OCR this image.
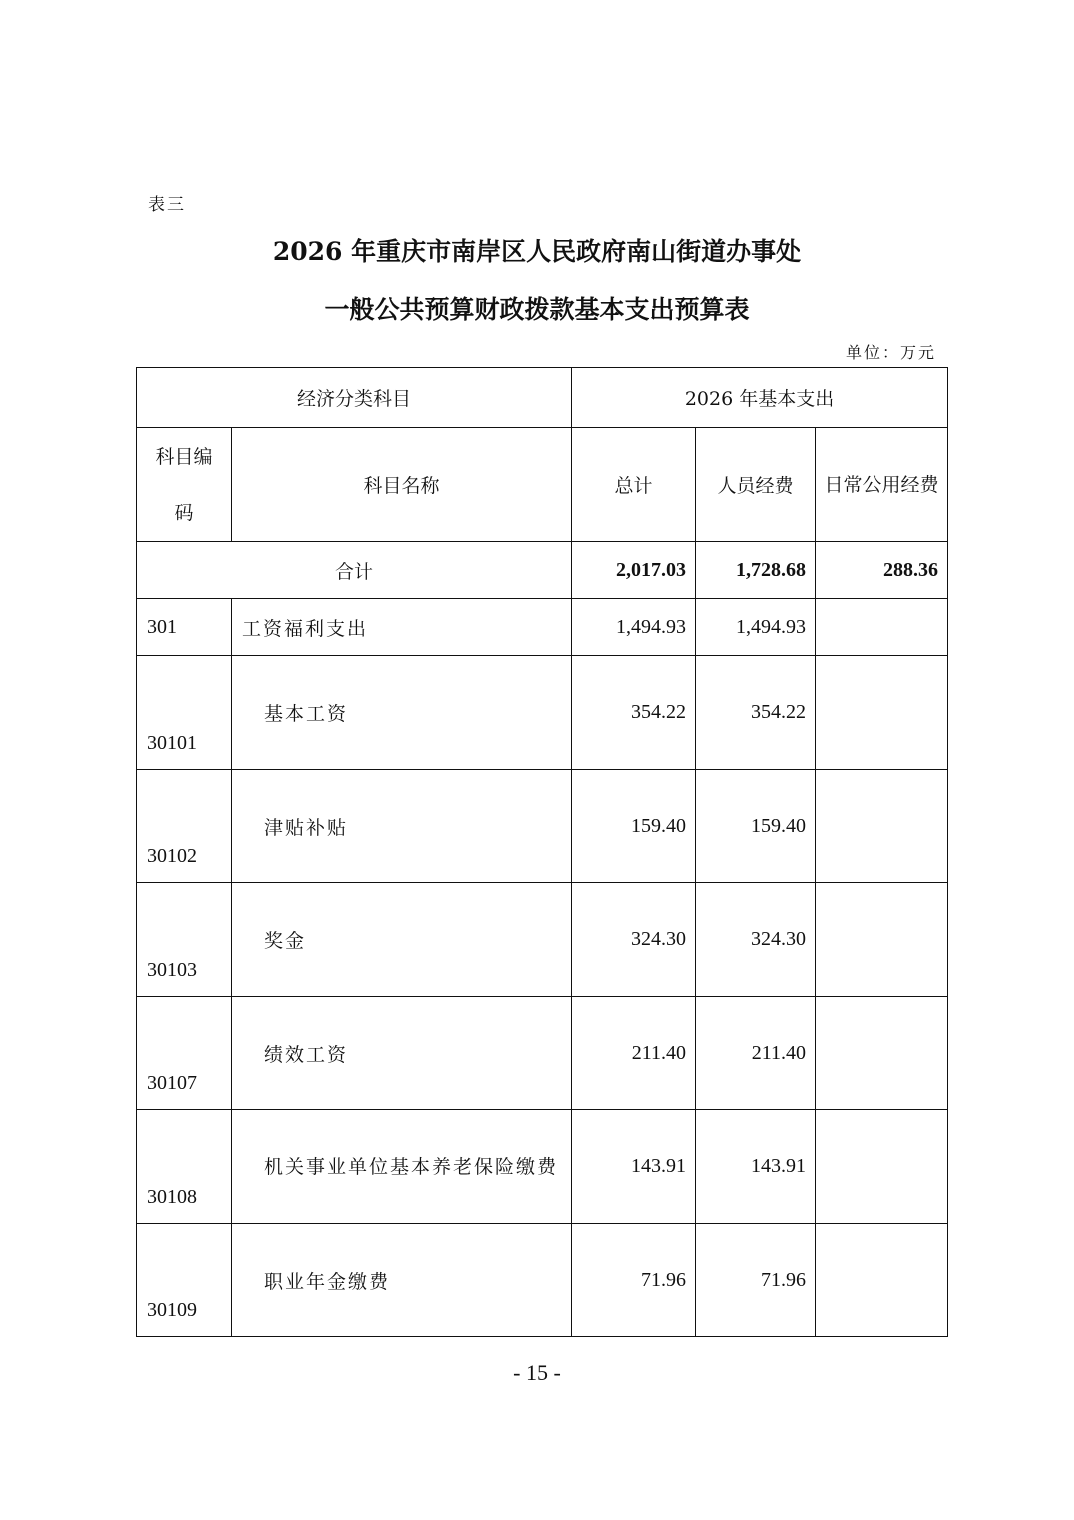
表三
2026 年重庆市南岸区人民政府南山街道办事处
一般公共预算财政拨款基本支出预算表
单位：万元
经济分类科目		2026 年基本支出		
科目编码	科目名称	总计	人员经费	日常公用经费
合计		2,017.03	1,728.68	288.36
301	工资福利支出	1,494.93	1,494.93	
30101	基本工资	354.22	354.22	
30102	津贴补贴	159.40	159.40	
30103	奖金	324.30	324.30	
30107	绩效工资	211.40	211.40	
30108	机关事业单位基本养老保险缴费	143.91	143.91	
30109	职业年金缴费	71.96	71.96	
- 15 -
